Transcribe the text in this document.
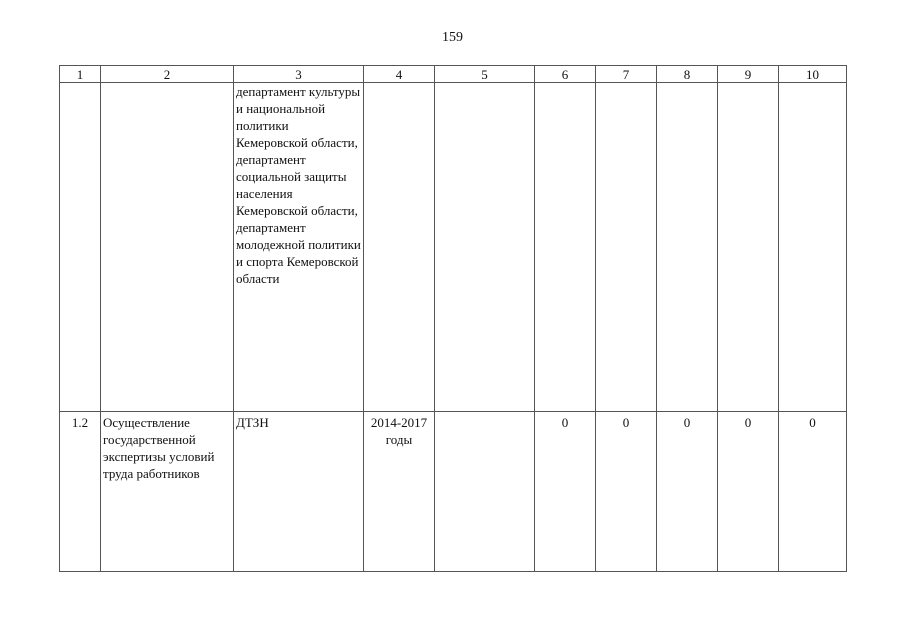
159
1	2	3	4	5	6	7	8	9	10
		департамент культуры и национальной политики Кемеровской области, департамент социальной защиты населения Кемеровской области, департамент молодежной политики и спорта Кемеровской области							
1.2	Осуществление государственной экспертизы условий труда работников	ДТЗН	2014-2017 годы		0	0	0	0	0
